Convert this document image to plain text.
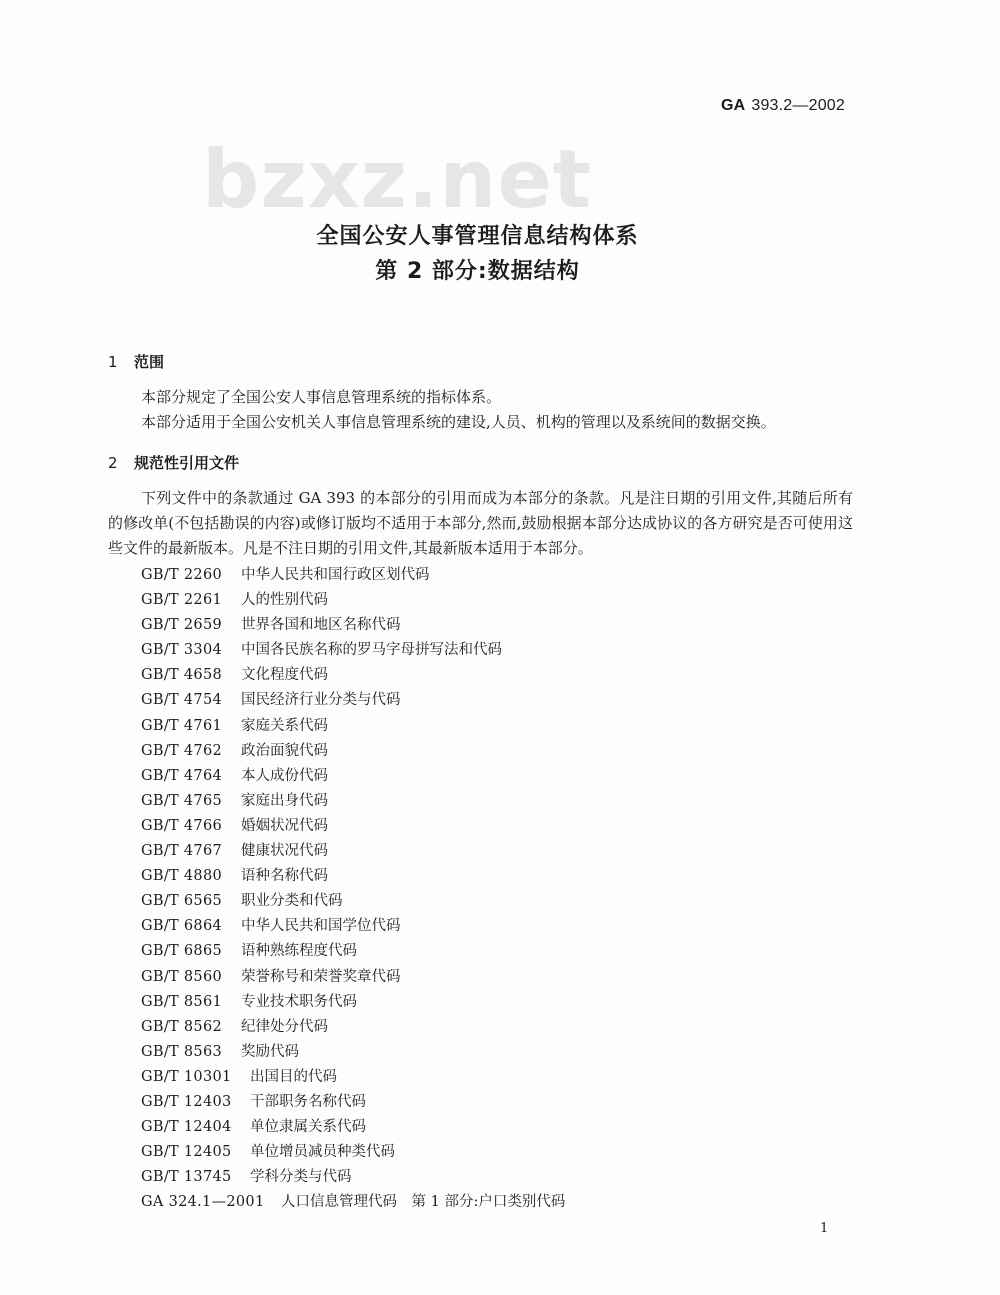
GA 393.2—2002
bzxz.net
全国公安人事管理信息结构体系
第 2 部分:数据结构
1 范围
本部分规定了全国公安人事信息管理系统的指标体系。
本部分适用于全国公安机关人事信息管理系统的建设,人员、机构的管理以及系统间的数据交换。
2 规范性引用文件
下列文件中的条款通过 GA 393 的本部分的引用而成为本部分的条款。凡是注日期的引用文件,其随后所有的修改单(不包括勘误的内容)或修订版均不适用于本部分,然而,鼓励根据本部分达成协议的各方研究是否可使用这些文件的最新版本。凡是不注日期的引用文件,其最新版本适用于本部分。
GB/T 2260 中华人民共和国行政区划代码
GB/T 2261 人的性别代码
GB/T 2659 世界各国和地区名称代码
GB/T 3304 中国各民族名称的罗马字母拼写法和代码
GB/T 4658 文化程度代码
GB/T 4754 国民经济行业分类与代码
GB/T 4761 家庭关系代码
GB/T 4762 政治面貌代码
GB/T 4764 本人成份代码
GB/T 4765 家庭出身代码
GB/T 4766 婚姻状况代码
GB/T 4767 健康状况代码
GB/T 4880 语种名称代码
GB/T 6565 职业分类和代码
GB/T 6864 中华人民共和国学位代码
GB/T 6865 语种熟练程度代码
GB/T 8560 荣誉称号和荣誉奖章代码
GB/T 8561 专业技术职务代码
GB/T 8562 纪律处分代码
GB/T 8563 奖励代码
GB/T 10301 出国目的代码
GB/T 12403 干部职务名称代码
GB/T 12404 单位隶属关系代码
GB/T 12405 单位增员减员种类代码
GB/T 13745 学科分类与代码
GA 324.1—2001 人口信息管理代码　第 1 部分:户口类别代码
1
